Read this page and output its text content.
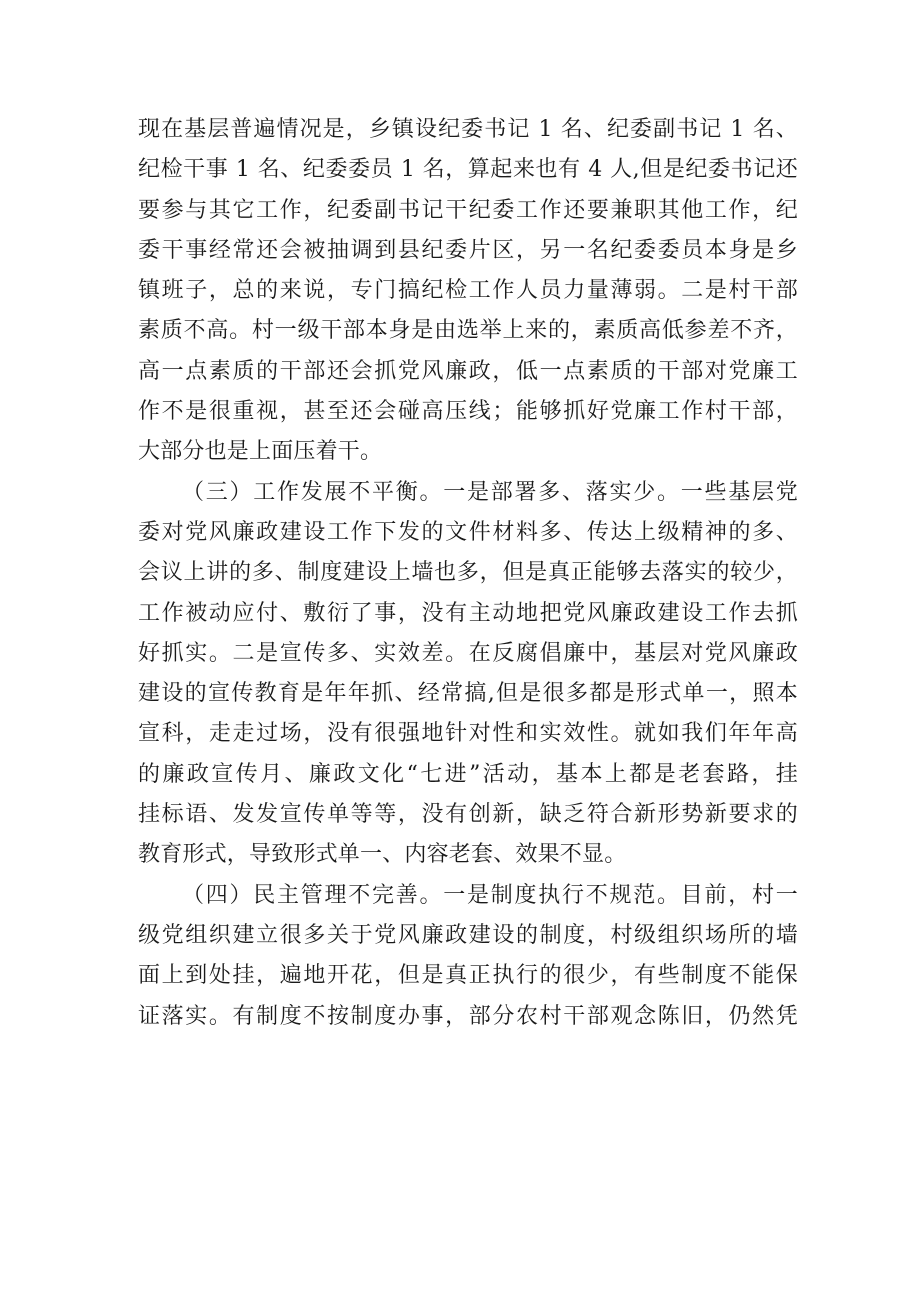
现在基层普遍情况是，乡镇设纪委书记 1 名、纪委副书记 1 名、
纪检干事 1 名、纪委委员 1 名，算起来也有 4 人,但是纪委书记还
要参与其它工作，纪委副书记干纪委工作还要兼职其他工作，纪
委干事经常还会被抽调到县纪委片区，另一名纪委委员本身是乡
镇班子，总的来说，专门搞纪检工作人员力量薄弱。二是村干部
素质不高。村一级干部本身是由选举上来的，素质高低参差不齐，
高一点素质的干部还会抓党风廉政，低一点素质的干部对党廉工
作不是很重视，甚至还会碰高压线；能够抓好党廉工作村干部，
大部分也是上面压着干。
（三）工作发展不平衡。一是部署多、落实少。一些基层党
委对党风廉政建设工作下发的文件材料多、传达上级精神的多、
会议上讲的多、制度建设上墙也多，但是真正能够去落实的较少，
工作被动应付、敷衍了事，没有主动地把党风廉政建设工作去抓
好抓实。二是宣传多、实效差。在反腐倡廉中，基层对党风廉政
建设的宣传教育是年年抓、经常搞,但是很多都是形式单一，照本
宣科，走走过场，没有很强地针对性和实效性。就如我们年年高
的廉政宣传月、廉政文化“七进”活动，基本上都是老套路，挂
挂标语、发发宣传单等等，没有创新，缺乏符合新形势新要求的
教育形式，导致形式单一、内容老套、效果不显。
（四）民主管理不完善。一是制度执行不规范。目前，村一
级党组织建立很多关于党风廉政建设的制度，村级组织场所的墙
面上到处挂，遍地开花，但是真正执行的很少，有些制度不能保
证落实。有制度不按制度办事，部分农村干部观念陈旧，仍然凭
